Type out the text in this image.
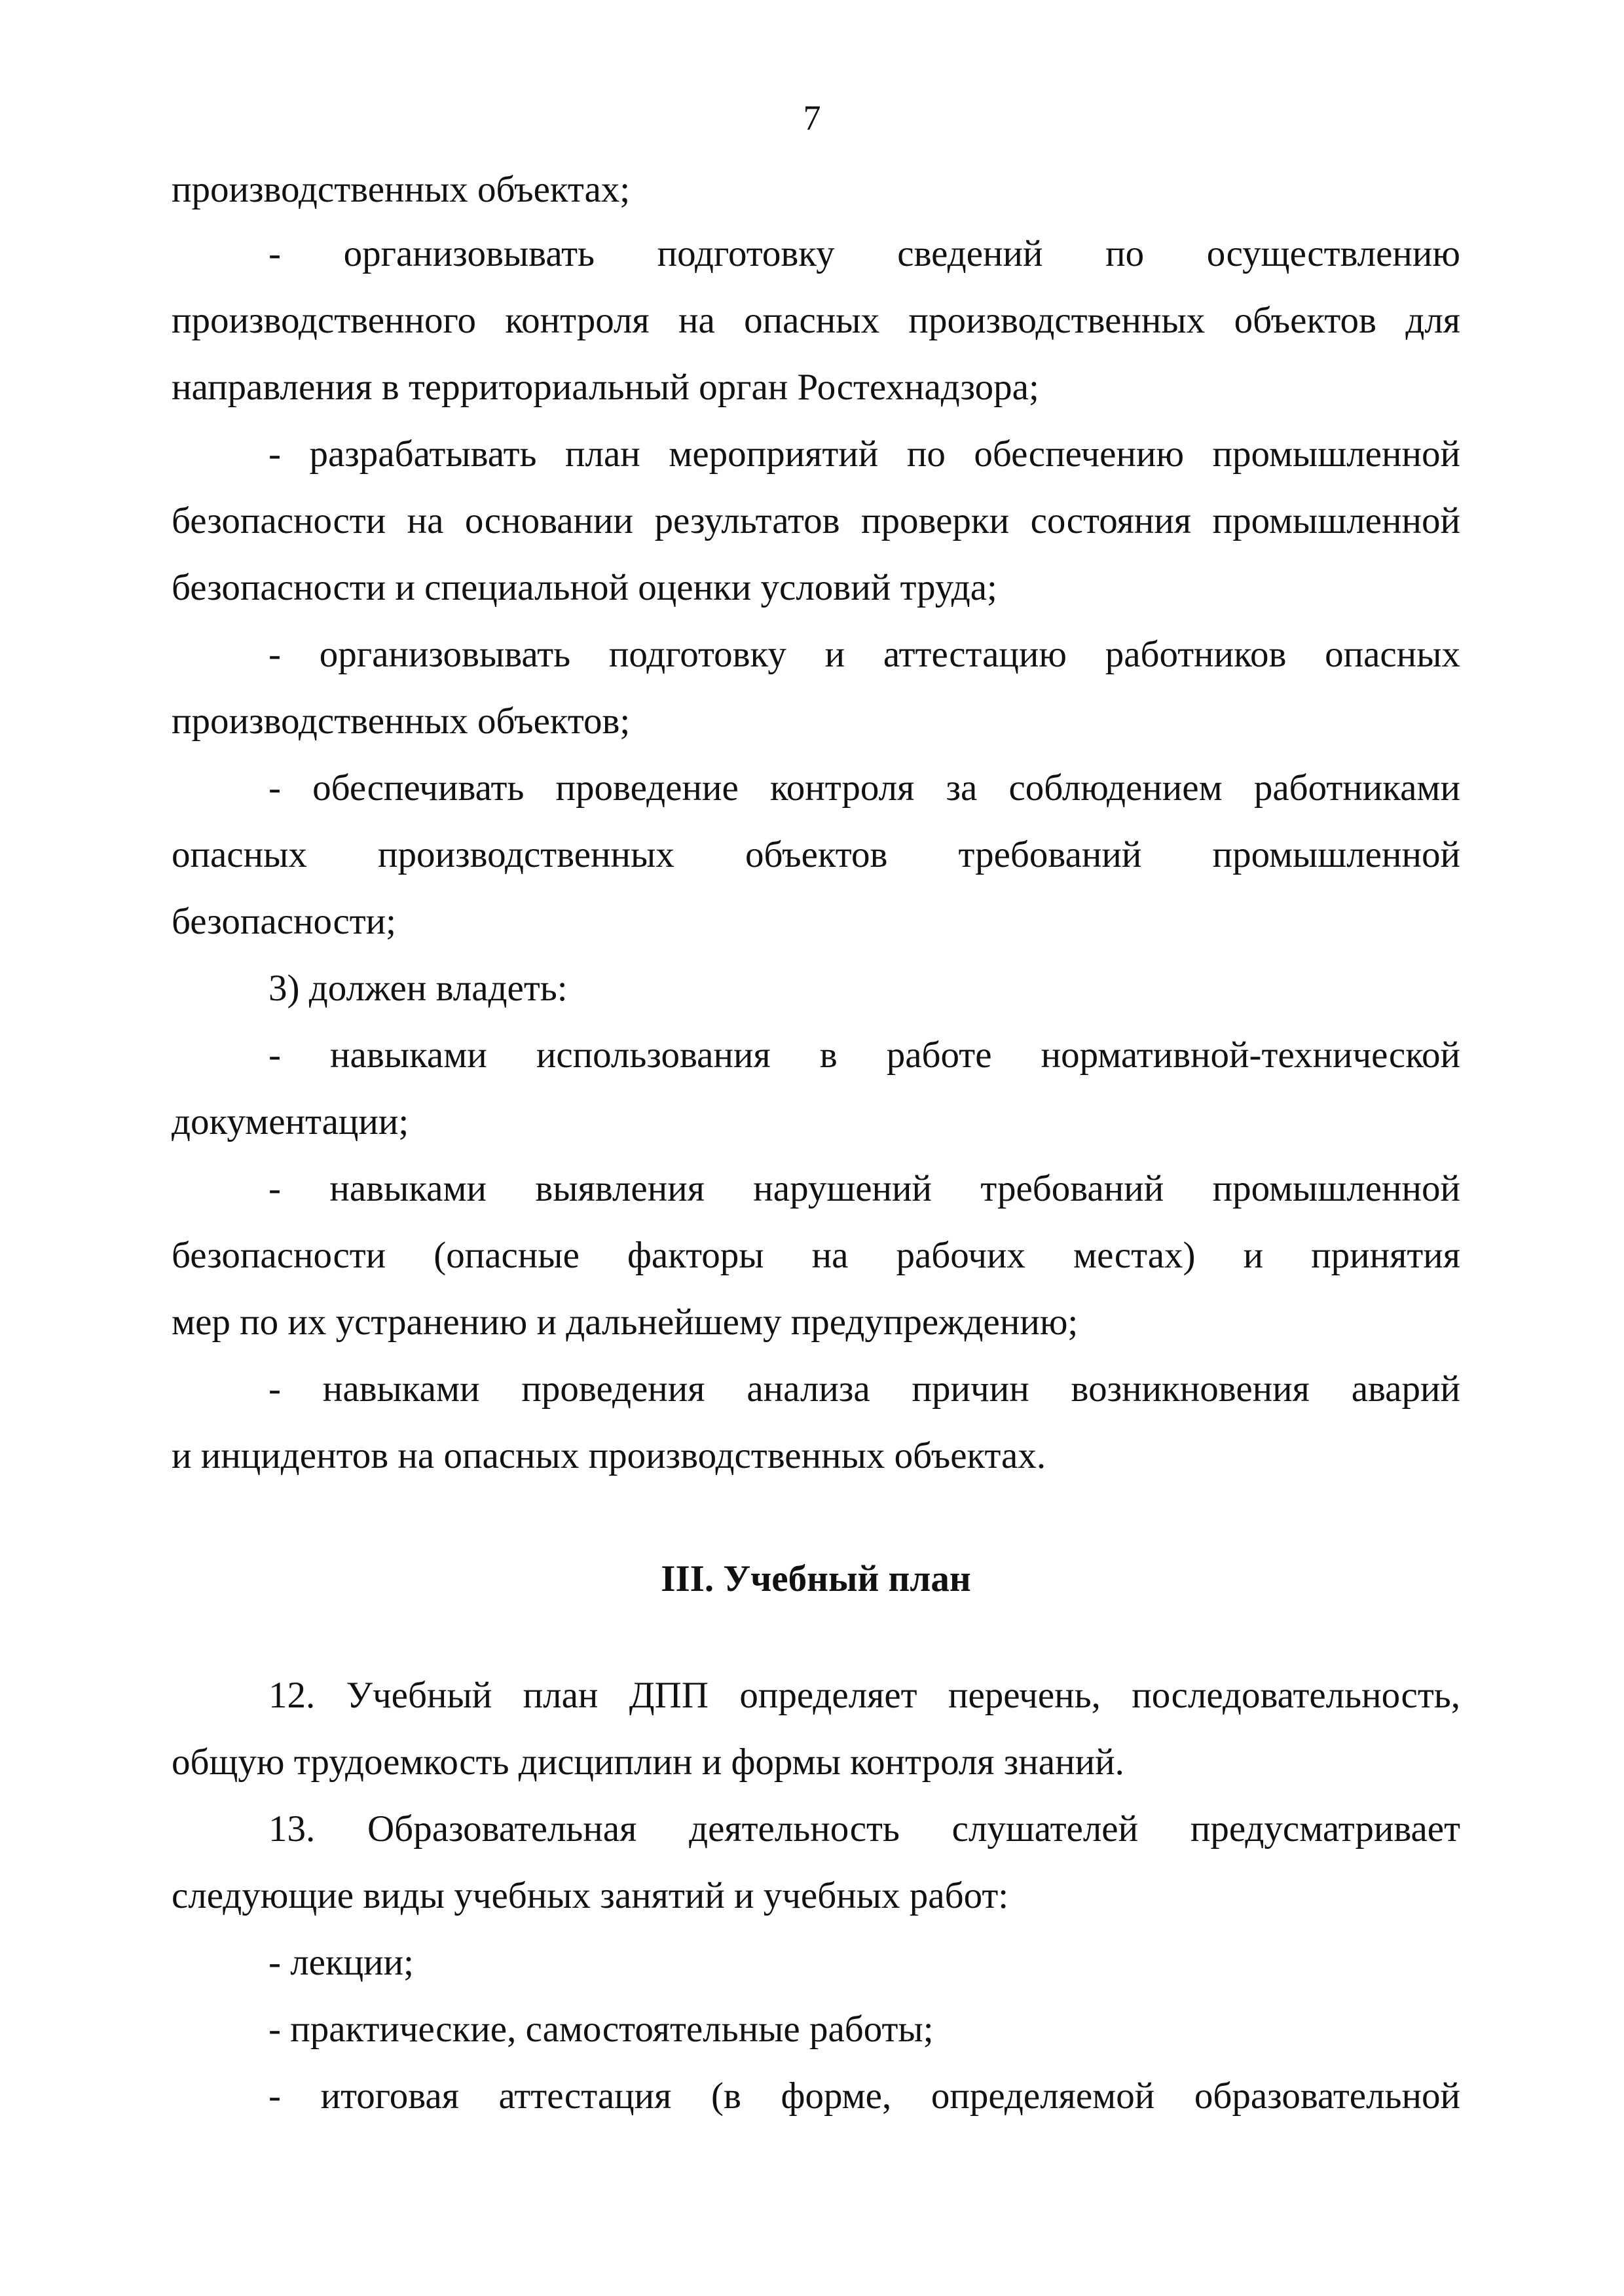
7
производственных объектах;
- организовывать подготовку сведений по осуществлению
производственного контроля на опасных производственных объектов для
направления в территориальный орган Ростехнадзора;
- разрабатывать план мероприятий по обеспечению промышленной
безопасности на основании результатов проверки состояния промышленной
безопасности и специальной оценки условий труда;
- организовывать подготовку и аттестацию работников опасных
производственных объектов;
- обеспечивать проведение контроля за соблюдением работниками
опасных производственных объектов требований промышленной
безопасности;
3) должен владеть:
- навыками использования в работе нормативной-технической
документации;
- навыками выявления нарушений требований промышленной
безопасности (опасные факторы на рабочих местах) и принятия
мер по их устранению и дальнейшему предупреждению;
- навыками проведения анализа причин возникновения аварий
и инцидентов на опасных производственных объектах.
III. Учебный план
12. Учебный план ДПП определяет перечень, последовательность,
общую трудоемкость дисциплин и формы контроля знаний.
13. Образовательная деятельность слушателей предусматривает
следующие виды учебных занятий и учебных работ:
- лекции;
- практические, самостоятельные работы;
- итоговая аттестация (в форме, определяемой образовательной
